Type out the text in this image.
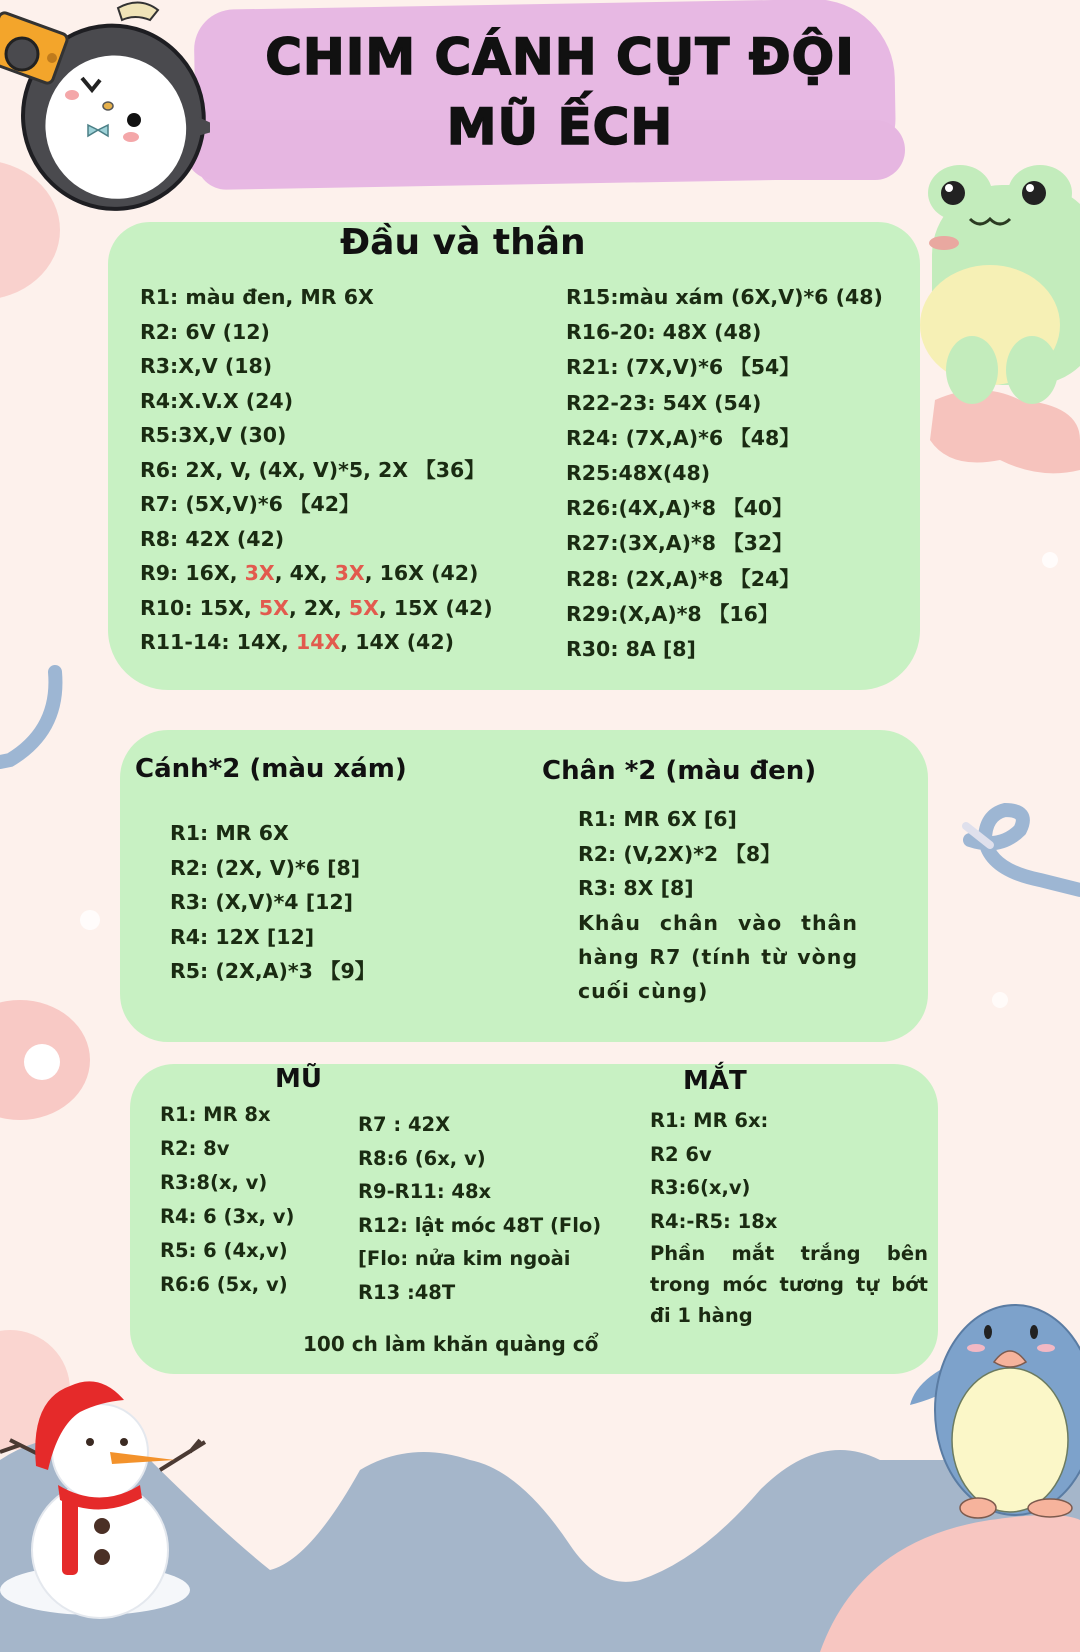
CHIM CÁNH CỤT ĐỘI
MŨ ẾCH
Đầu và thân
R1: màu đen, MR 6X
R2: 6V (12)
R3:X,V (18)
R4:X.V.X (24)
R5:3X,V (30)
R6: 2X, V, (4X, V)*5, 2X 【36】
R7: (5X,V)*6 【42】
R8: 42X (42)
R9: 16X, 3X, 4X, 3X, 16X (42)
R10: 15X, 5X, 2X, 5X, 15X (42)
R11-14: 14X, 14X, 14X (42)
R15:màu xám (6X,V)*6 (48)
R16-20: 48X (48)
R21: (7X,V)*6 【54】
R22-23: 54X (54)
R24: (7X,A)*6 【48】
R25:48X(48)
R26:(4X,A)*8 【40】
R27:(3X,A)*8 【32】
R28: (2X,A)*8 【24】
R29:(X,A)*8 【16】
R30: 8A [8]
Cánh*2 (màu xám)	Chân *2 (màu đen)
R1: MR 6X
R2: (2X, V)*6 [8]
R3: (X,V)*4 [12]
R4: 12X [12]
R5: (2X,A)*3 【9】
R1: MR 6X [6]
R2: (V,2X)*2 【8】
R3: 8X [8]
Khâu chân vào thân hàng R7 (tính từ vòng cuối cùng)
MŨ	MẮT
R1: MR 8x
R2: 8v
R3:8(x, v)
R4: 6 (3x, v)
R5: 6 (4x,v)
R6:6 (5x, v)
R7 : 42X
R8:6 (6x, v)
R9-R11: 48x
R12: lật móc 48T (Flo)
[Flo: nửa kim ngoài
R13 :48T
R1: MR 6x:
R2 6v
R3:6(x,v)
R4:-R5: 18x
Phần mắt trắng bên trong móc tương tự bớt đi 1 hàng
100 ch làm khăn quàng cổ
